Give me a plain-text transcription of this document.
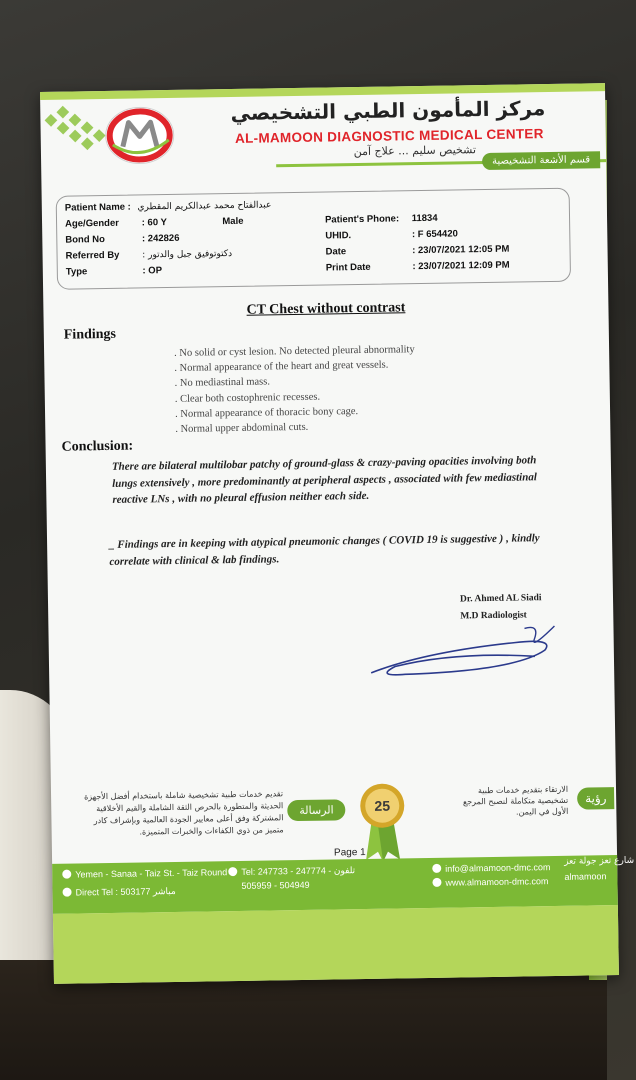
مركز المأمون الطبي التشخيصي
AL-MAMOON DIAGNOSTIC MEDICAL CENTER
تشخيص سليم ... علاج آمن
قسم الأشعة التشخيصية
Patient Name : عبدالفتاح محمد عبدالكريم المقطري
Age/Gender : 60 Y	Male
Bond No	: 242826
Referred By	: دكتوتوفيق جبل والدتور
Type	: OP
Patient's Phone: 11834
UHID.	: F 654420
Date	: 23/07/2021 12:05 PM
Print Date	: 23/07/2021 12:09 PM
CT Chest without contrast
Findings
. No solid or cyst lesion. No detected pleural abnormality
. Normal appearance of the heart and great vessels.
. No mediastinal mass.
. Clear both costophrenic recesses.
. Normal appearance of thoracic bony cage.
. Normal upper abdominal cuts.
Conclusion:
There are bilateral multilobar patchy of ground-glass & crazy-paving opacities involving both lungs extensively , more predominantly at peripheral aspects , associated with few mediastinal reactive LNs , with no pleural effusion neither each side.
_ Findings are in keeping with atypical pneumonic changes ( COVID 19 is suggestive ) , kindly correlate with clinical & lab findings.
Dr. Ahmed AL Siadi
M.D Radiologist
تقديم خدمات طبية تشخيصية شاملة باستخدام أفضل الأجهزة الحديثة والمتطورة بالحرص الثقة الشاملة والقيم الأخلاقية المشتركة وفق أعلى معايير الجودة العالمية وبإشراف كادر متميز من ذوي الكفاءات والخبرات المتميزة.
الرسالة	25
الارتقاء بتقديم خدمات طبية تشخيصية متكاملة لنصبح المرجع الأول في اليمن.
رؤية
Page 1
Yemen - Sanaa - Taiz St. - Taiz Round
Direct Tel : 503177 مباشر
Tel: 247733 - 247774 - تلفون
505959 - 504949
info@almamoon-dmc.com
www.almamoon-dmc.com
شارع تعز جولة تعز
almamoon
